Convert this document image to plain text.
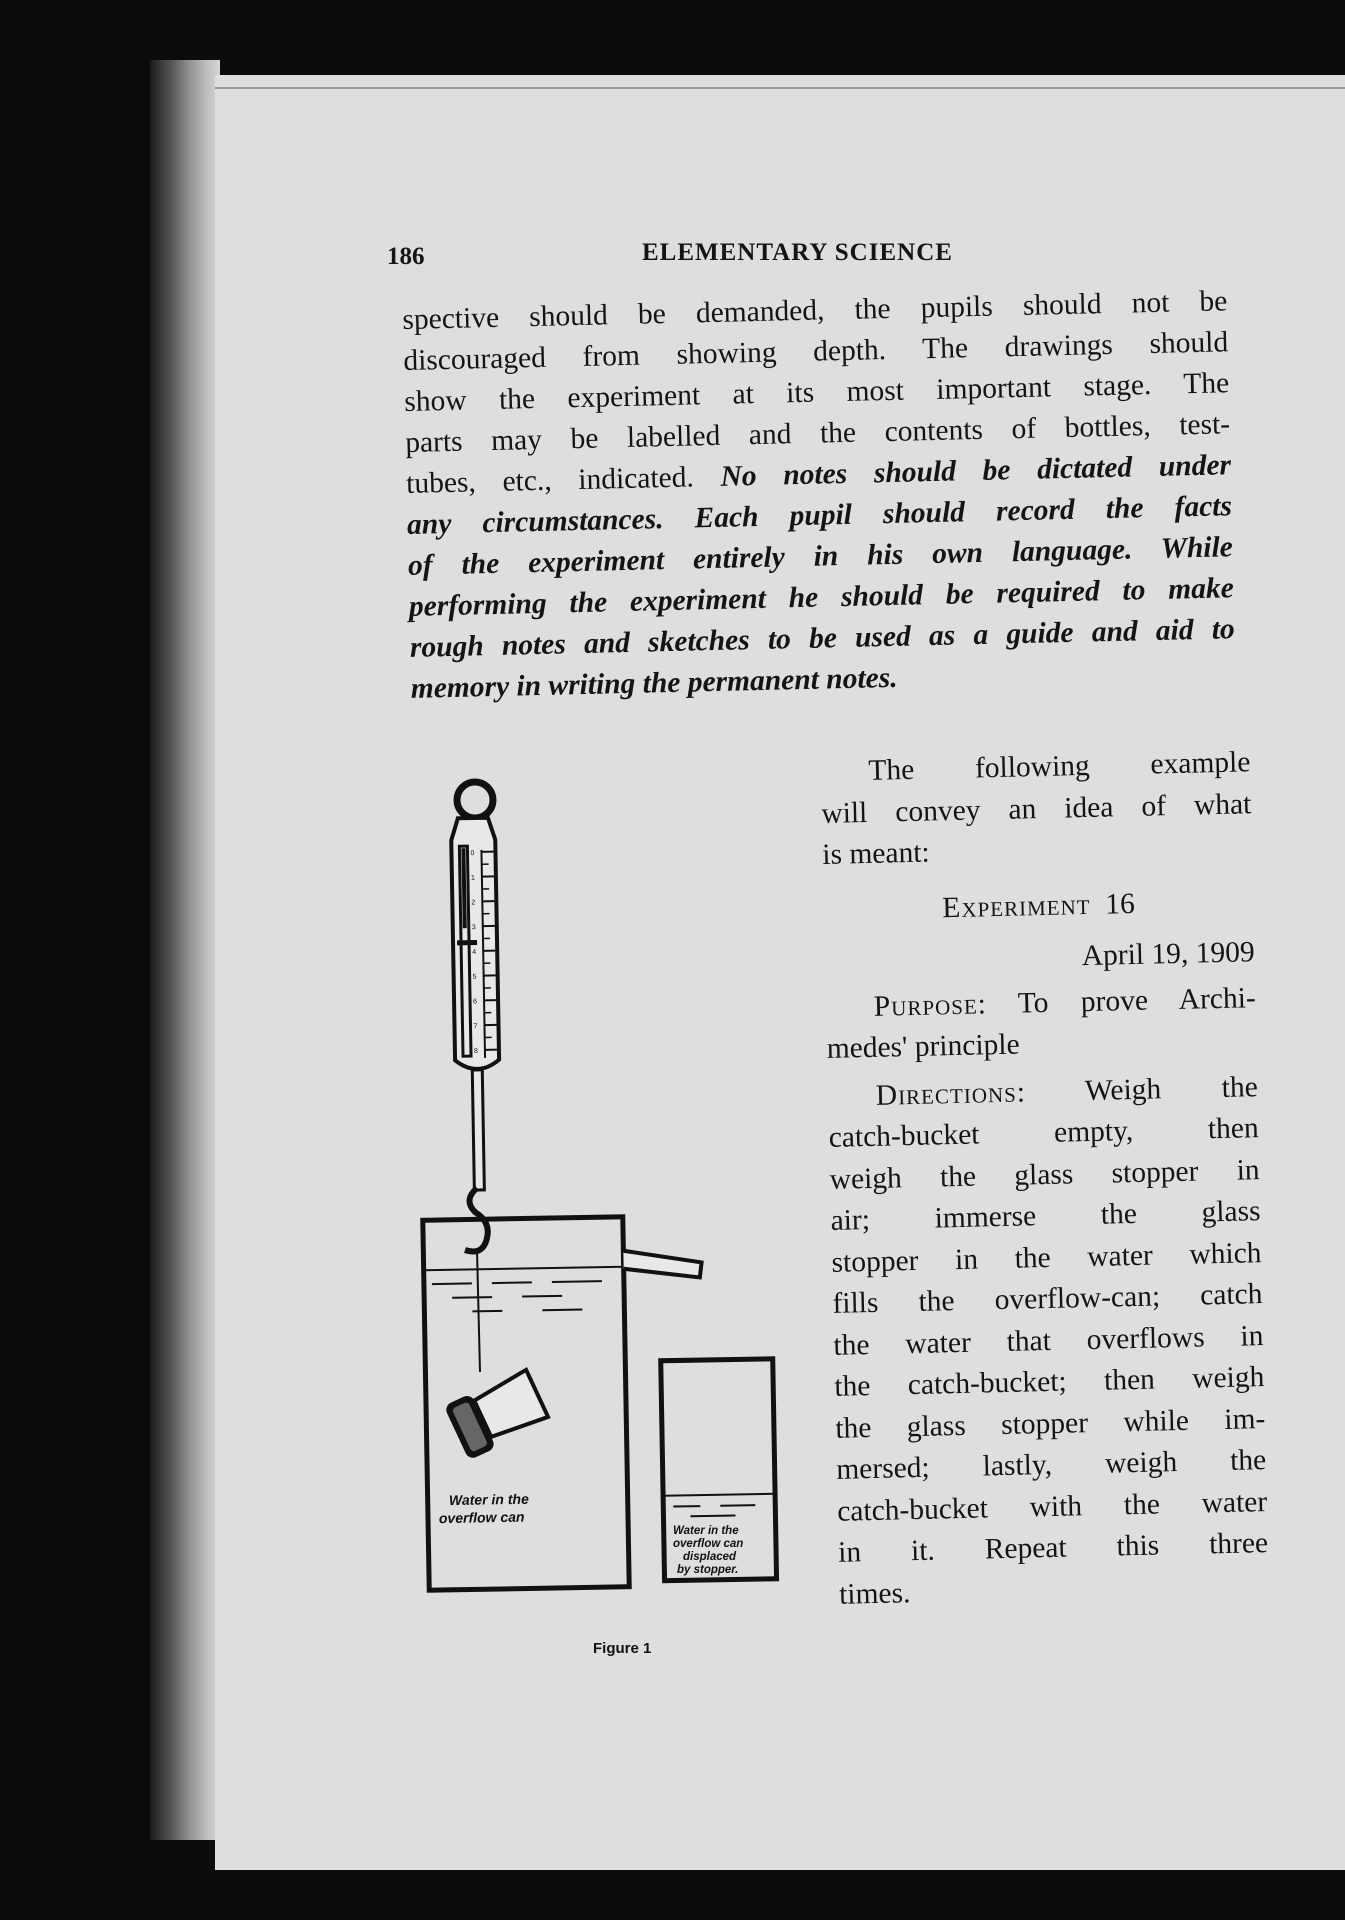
186	ELEMENTARY SCIENCE
spective should be demanded, the pupils should not be
discouraged from showing depth. The drawings should
show the experiment at its most important stage. The
parts may be labelled and the contents of bottles, test-
tubes, etc., indicated. No notes should be dictated under
any circumstances. Each pupil should record the facts
of the experiment entirely in his own language. While
performing the experiment he should be required to make
rough notes and sketches to be used as a guide and aid to
memory in writing the permanent notes.
The following example
will convey an idea of what
is meant:
Experiment 16
April 19, 1909
Purpose: To prove Archi-
medes' principle
Directions: Weigh the
catch-bucket empty, then
weigh the glass stopper in
air; immerse the glass
stopper in the water which
fills the overflow-can; catch
the water that overflows in
the catch-bucket; then weigh
the glass stopper while im-
mersed; lastly, weigh the
catch-bucket with the water
in it. Repeat this three
times.
0
1
2
3
4
5
6
7
8
Water in the
overflow can
Water in the
overflow can
displaced
by stopper.
Figure 1
